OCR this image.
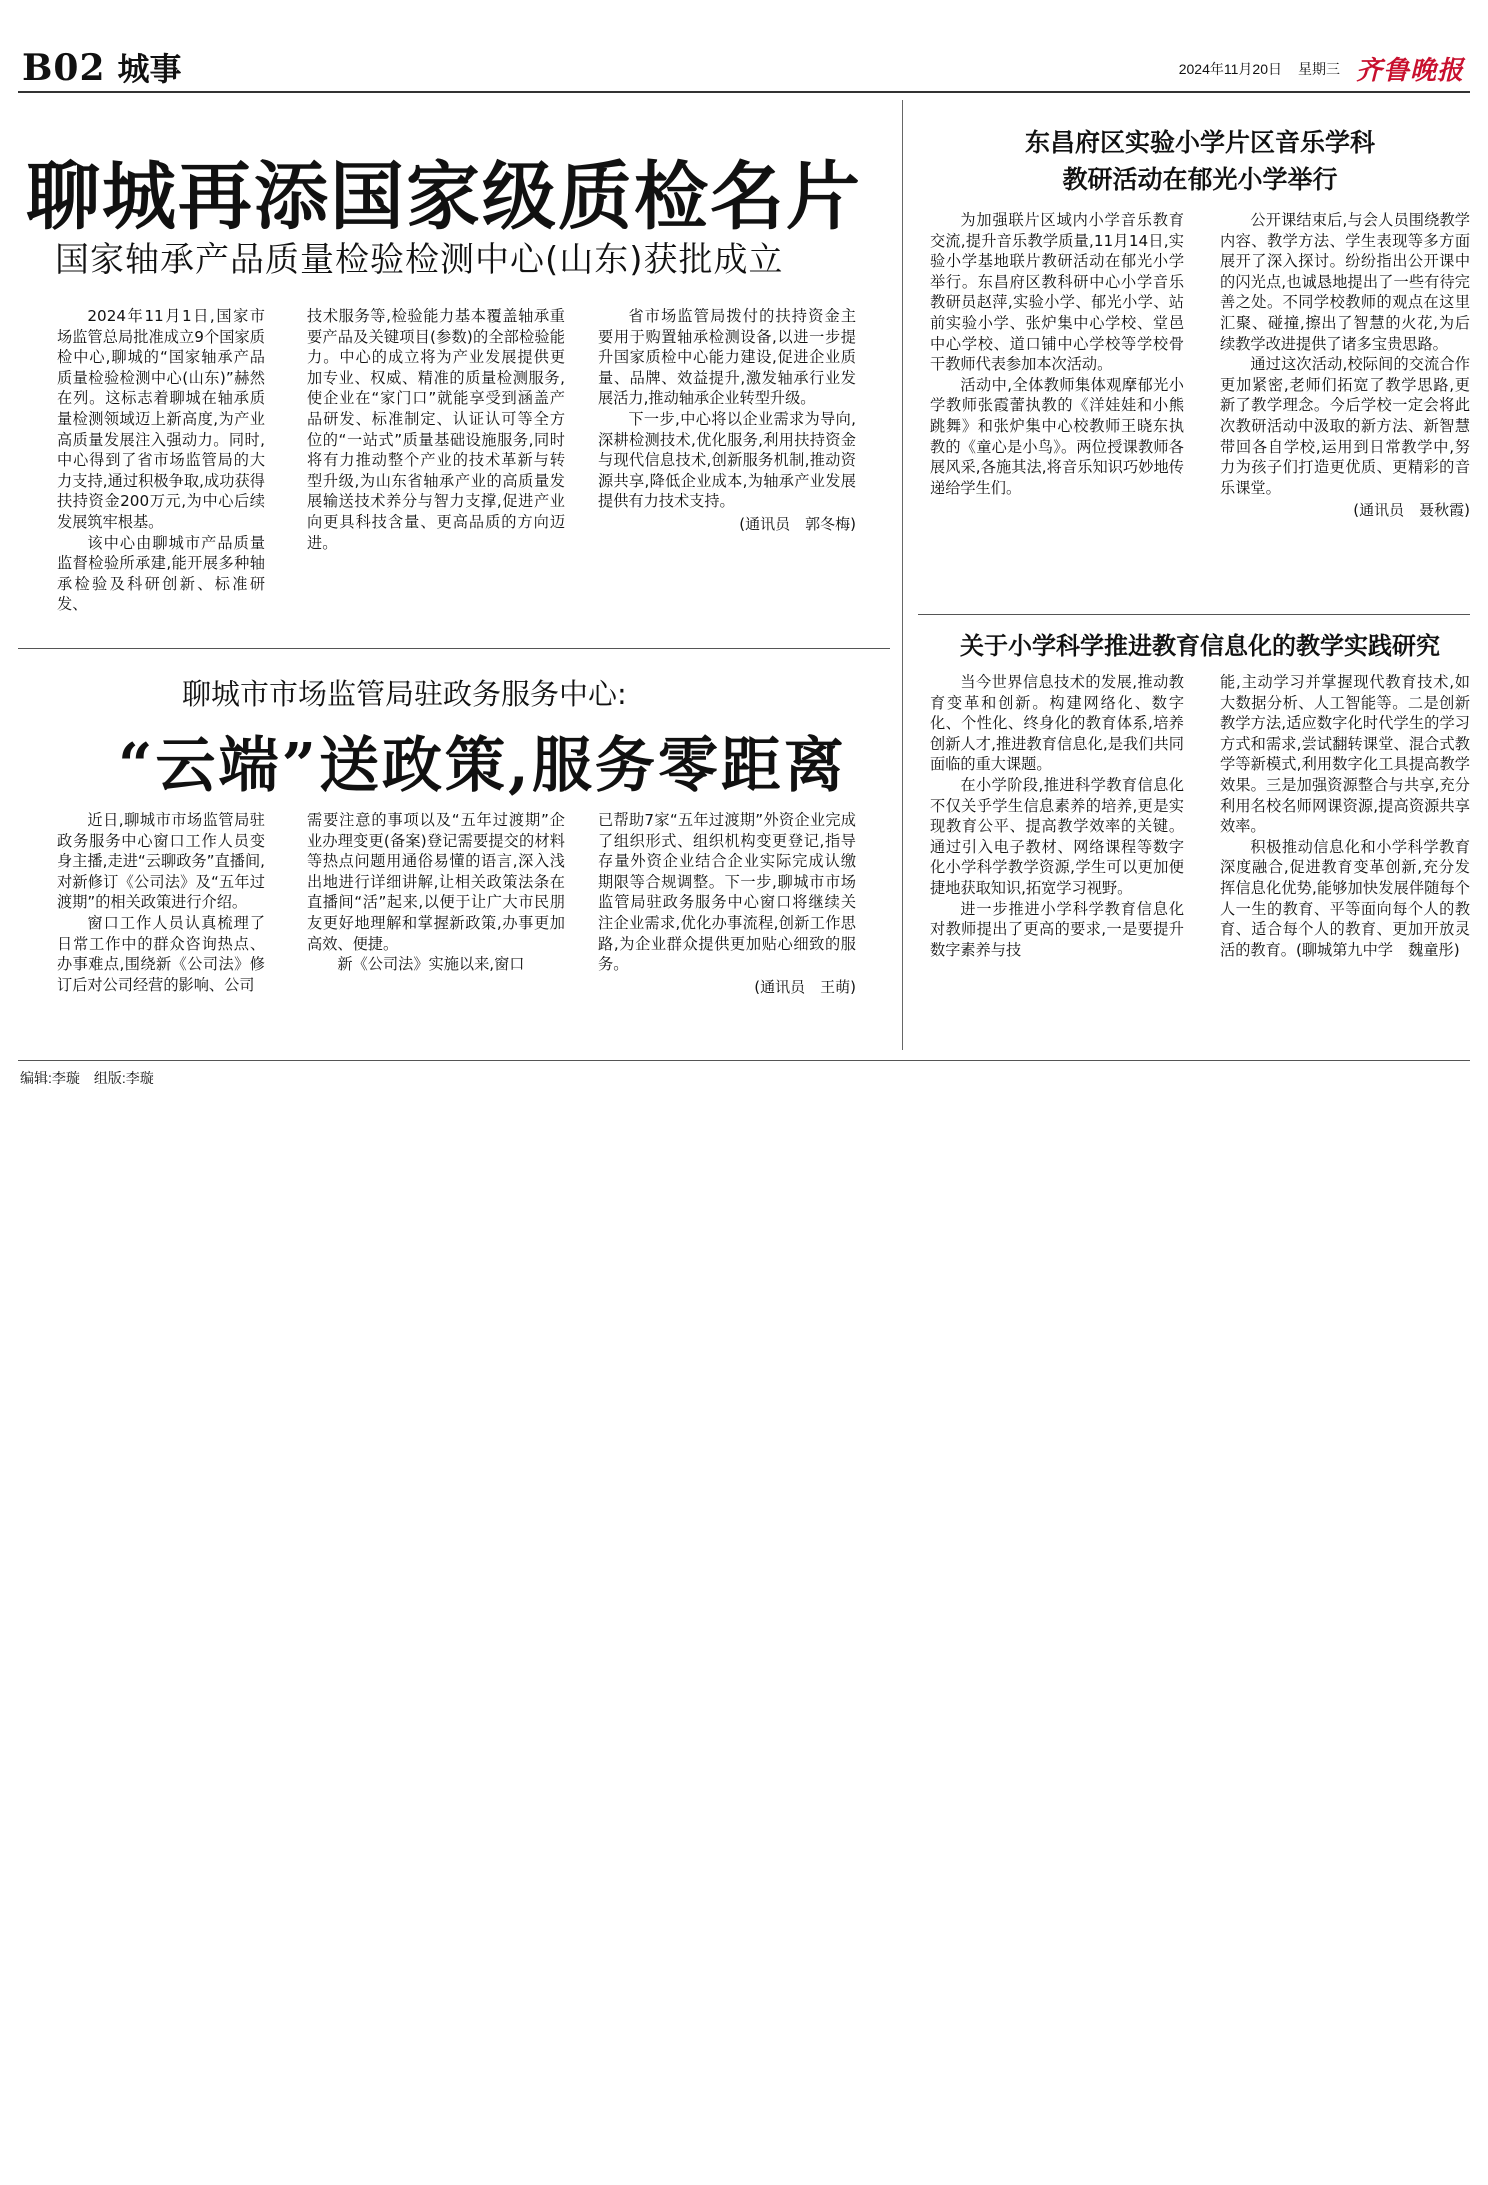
B02 城事	2024年11月20日 星期三 齐鲁晚报
聊城再添国家级质检名片
国家轴承产品质量检验检测中心(山东)获批成立

2024年11月1日,国家市场监管总局批准成立9个国家质检中心,聊城的“国家轴承产品质量检验检测中心(山东)”赫然在列。这标志着聊城在轴承质量检测领域迈上新高度,为产业高质量发展注入强动力。同时,中心得到了省市场监管局的大力支持,通过积极争取,成功获得扶持资金200万元,为中心后续发展筑牢根基。

该中心由聊城市产品质量监督检验所承建,能开展多种轴承检验及科研创新、标准研发、

技术服务等,检验能力基本覆盖轴承重要产品及关键项目(参数)的全部检验能力。中心的成立将为产业发展提供更加专业、权威、精准的质量检测服务,使企业在“家门口”就能享受到涵盖产品研发、标准制定、认证认可等全方位的“一站式”质量基础设施服务,同时将有力推动整个产业的技术革新与转型升级,为山东省轴承产业的高质量发展输送技术养分与智力支撑,促进产业向更具科技含量、更高品质的方向迈进。

省市场监管局拨付的扶持资金主要用于购置轴承检测设备,以进一步提升国家质检中心能力建设,促进企业质量、品牌、效益提升,激发轴承行业发展活力,推动轴承企业转型升级。

下一步,中心将以企业需求为导向,深耕检测技术,优化服务,利用扶持资金与现代信息技术,创新服务机制,推动资源共享,降低企业成本,为轴承产业发展提供有力技术支持。

(通讯员　郭冬梅)
聊城市市场监管局驻政务服务中心:
“云端”送政策,服务零距离

近日,聊城市市场监管局驻政务服务中心窗口工作人员变身主播,走进“云聊政务”直播间,对新修订《公司法》及“五年过渡期”的相关政策进行介绍。

窗口工作人员认真梳理了日常工作中的群众咨询热点、办事难点,围绕新《公司法》修订后对公司经营的影响、公司

需要注意的事项以及“五年过渡期”企业办理变更(备案)登记需要提交的材料等热点问题用通俗易懂的语言,深入浅出地进行详细讲解,让相关政策法条在直播间“活”起来,以便于让广大市民朋友更好地理解和掌握新政策,办事更加高效、便捷。

新《公司法》实施以来,窗口

已帮助7家“五年过渡期”外资企业完成了组织形式、组织机构变更登记,指导存量外资企业结合企业实际完成认缴期限等合规调整。下一步,聊城市市场监管局驻政务服务中心窗口将继续关注企业需求,优化办事流程,创新工作思路,为企业群众提供更加贴心细致的服务。

(通讯员　王萌)
东昌府区实验小学片区音乐学科
教研活动在郁光小学举行

为加强联片区域内小学音乐教育交流,提升音乐教学质量,11月14日,实验小学基地联片教研活动在郁光小学举行。东昌府区教科研中心小学音乐教研员赵萍,实验小学、郁光小学、站前实验小学、张炉集中心学校、堂邑中心学校、道口铺中心学校等学校骨干教师代表参加本次活动。

活动中,全体教师集体观摩郁光小学教师张霞蕾执教的《洋娃娃和小熊跳舞》和张炉集中心校教师王晓东执教的《童心是小鸟》。两位授课教师各展风采,各施其法,将音乐知识巧妙地传递给学生们。

公开课结束后,与会人员围绕教学内容、教学方法、学生表现等多方面展开了深入探讨。纷纷指出公开课中的闪光点,也诚恳地提出了一些有待完善之处。不同学校教师的观点在这里汇聚、碰撞,擦出了智慧的火花,为后续教学改进提供了诸多宝贵思路。

通过这次活动,校际间的交流合作更加紧密,老师们拓宽了教学思路,更新了教学理念。今后学校一定会将此次教研活动中汲取的新方法、新智慧带回各自学校,运用到日常教学中,努力为孩子们打造更优质、更精彩的音乐课堂。

(通讯员　聂秋霞)
关于小学科学推进教育信息化的教学实践研究

当今世界信息技术的发展,推动教育变革和创新。构建网络化、数字化、个性化、终身化的教育体系,培养创新人才,推进教育信息化,是我们共同面临的重大课题。

在小学阶段,推进科学教育信息化不仅关乎学生信息素养的培养,更是实现教育公平、提高教学效率的关键。通过引入电子教材、网络课程等数字化小学科学教学资源,学生可以更加便捷地获取知识,拓宽学习视野。

进一步推进小学科学教育信息化对教师提出了更高的要求,一是要提升数字素养与技

能,主动学习并掌握现代教育技术,如大数据分析、人工智能等。二是创新教学方法,适应数字化时代学生的学习方式和需求,尝试翻转课堂、混合式教学等新模式,利用数字化工具提高教学效果。三是加强资源整合与共享,充分利用名校名师网课资源,提高资源共享效率。

积极推动信息化和小学科学教育深度融合,促进教育变革创新,充分发挥信息化优势,能够加快发展伴随每个人一生的教育、平等面向每个人的教育、适合每个人的教育、更加开放灵活的教育。(聊城第九中学　魏童彤)

编辑:李璇　组版:李璇
